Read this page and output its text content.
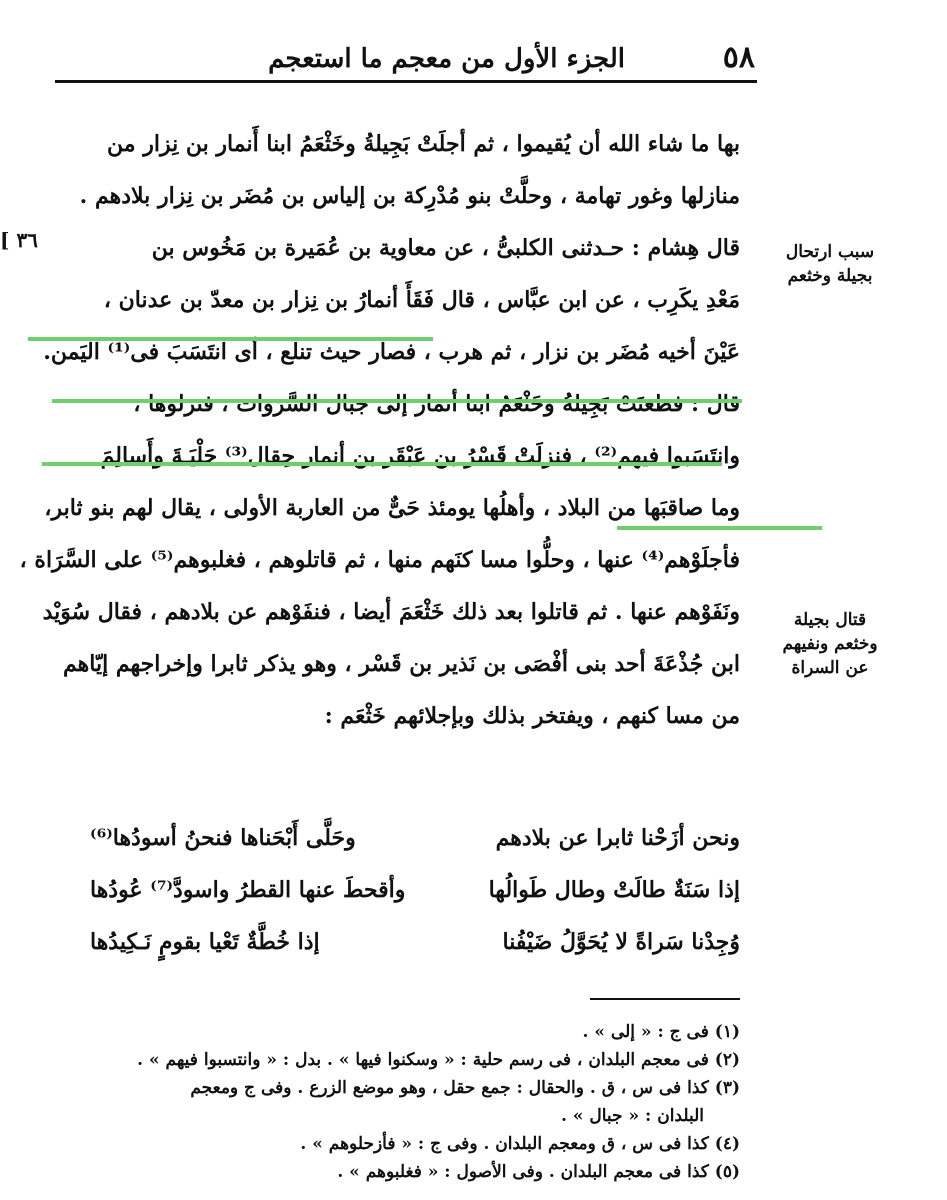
٥٨
الجزء الأول من معجم ما استعجم
بها ما شاء الله أن يُقيموا ، ثم أجلَتْ بَجِيلةُ وخَثْعَمُ ابنا أَنمار بن نِزار من
منازلها وغور تهامة ، وحلَّتْ بنو مُدْرِكة بن إلياس بن مُضَر بن نِزار بلادهم .
قال هِشام : حـدثنى الكلبىُّ ، عن معاوية بن عُمَيرة بن مَخُوس بن
مَعْدِ يكَرِب ، عن ابن عبَّاس ، قال فَقَأَ أنمارُ بن نِزار بن معدّ بن عدنان ،
عَيْنَ أخيه مُضَر بن نزار ، ثم هرب ، فصار حيث تنلع ، أى انتَسَبَ فى⁽¹⁾ اليَمن.
قال : فظعنَتْ بَجِيلةُ وخَثْعَمُ ابنا أنمار إلى جبال السَّرَوات ، فنزلوها ،
وانتَسَبوا فيهم⁽²⁾ ، فنزلَتْ قَسْرُ بن عَبْقَر بن أنمار حِقال⁽³⁾ حَلْيَـةَ وأَسالِمَ
وما صاقبَها من البلاد ، وأهلُها يومئذ حَىٌّ من العاربة الأولى ، يقال لهم بنو ثابر،
فأجلَوْهم⁽⁴⁾ عنها ، وحلُّوا مسا كنَهم منها ، ثم قاتلوهم ، فغلبوهم⁽⁵⁾ على السَّرَاة ،
ونَفَوْهم عنها . ثم قاتلوا بعد ذلك خَثْعَمَ أيضا ، فنفَوْهم عن بلادهم ، فقال سُوَيْد
ابن جُذْعَةَ أحد بنى أفْصَى بن نَذير بن قَسْر ، وهو يذكر ثابرا وإخراجهم إيّاهم
من مسا كنهم ، ويفتخر بذلك وبإجلائهم خَثْعَم :
[ ٣٦	سبب ارتحال بجيلة وخثعم
قتال بجيلة وخثعم ونفيهم عن السراة
ونحن أزَحْنا ثابرا عن بلادهم
وحَلَّى أَبْحَناها فنحنُ أسودُها⁽⁶⁾
إذا سَنَةٌ طالَتْ وطال طَوالُها
وأقحطَ عنها القطرُ واسودَّ⁽⁷⁾ عُودُها
وُجِدْنا سَراةً لا يُحَوَّلُ ضَيْفُنا
إذا خُطَّةٌ تَعْيا بقومٍ نَـكِيدُها
(١) فى ج : « إلى » .
(٢) فى معجم البلدان ، فى رسم حلية : « وسكنوا فيها » . بدل : « وانتسبوا فيهم » .
(٣) كذا فى س ، ق . والحقال : جمع حقل ، وهو موضع الزرع . وفى ج ومعجم
البلدان : « جبال » .
(٤) كذا فى س ، ق ومعجم البلدان . وفى ج : « فأزحلوهم » .
(٥) كذا فى معجم البلدان . وفى الأصول : « فغلبوهم » .
